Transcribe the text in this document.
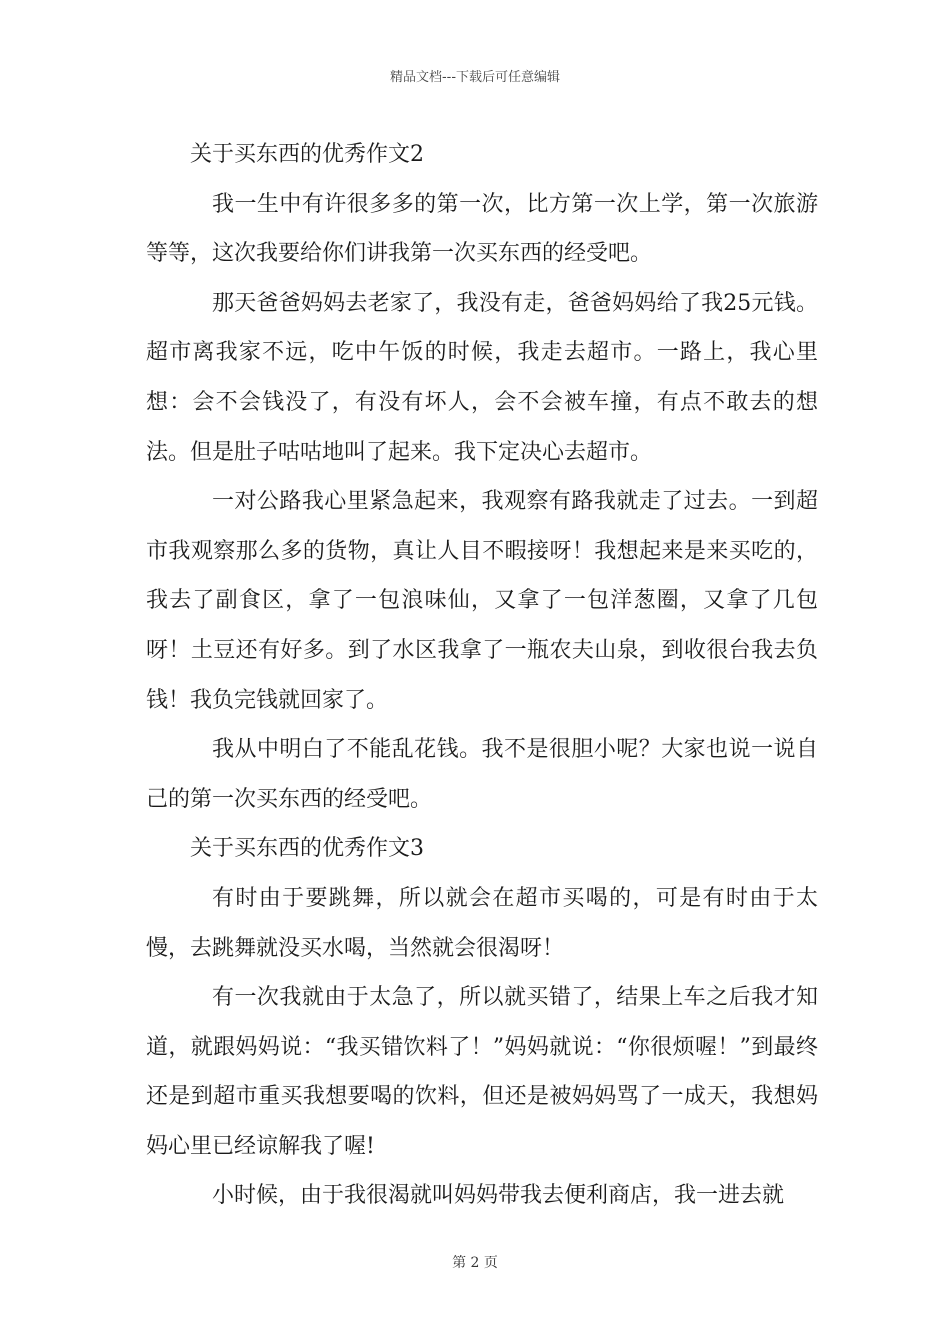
精品文档---下载后可任意编辑
关于买东西的优秀作文2

我一生中有许很多多的第一次，比方第一次上学，第一次旅游等等，这次我要给你们讲我第一次买东西的经受吧。

那天爸爸妈妈去老家了，我没有走，爸爸妈妈给了我25元钱。超市离我家不远，吃中午饭的时候，我走去超市。一路上，我心里想：会不会钱没了，有没有坏人，会不会被车撞，有点不敢去的想法。但是肚子咕咕地叫了起来。我下定决心去超市。

一对公路我心里紧急起来，我观察有路我就走了过去。一到超市我观察那么多的货物，真让人目不暇接呀！我想起来是来买吃的，我去了副食区，拿了一包浪味仙，又拿了一包洋葱圈，又拿了几包呀！土豆还有好多。到了水区我拿了一瓶农夫山泉，到收很台我去负钱！我负完钱就回家了。

我从中明白了不能乱花钱。我不是很胆小呢？大家也说一说自己的第一次买东西的经受吧。

关于买东西的优秀作文3

有时由于要跳舞，所以就会在超市买喝的，可是有时由于太慢，去跳舞就没买水喝，当然就会很渴呀！

有一次我就由于太急了，所以就买错了，结果上车之后我才知道，就跟妈妈说：“我买错饮料了！”妈妈就说：“你很烦喔！”到最终还是到超市重买我想要喝的饮料，但还是被妈妈骂了一成天，我想妈妈心里已经谅解我了喔!

小时候，由于我很渴就叫妈妈带我去便利商店，我一进去就

第 2 页
